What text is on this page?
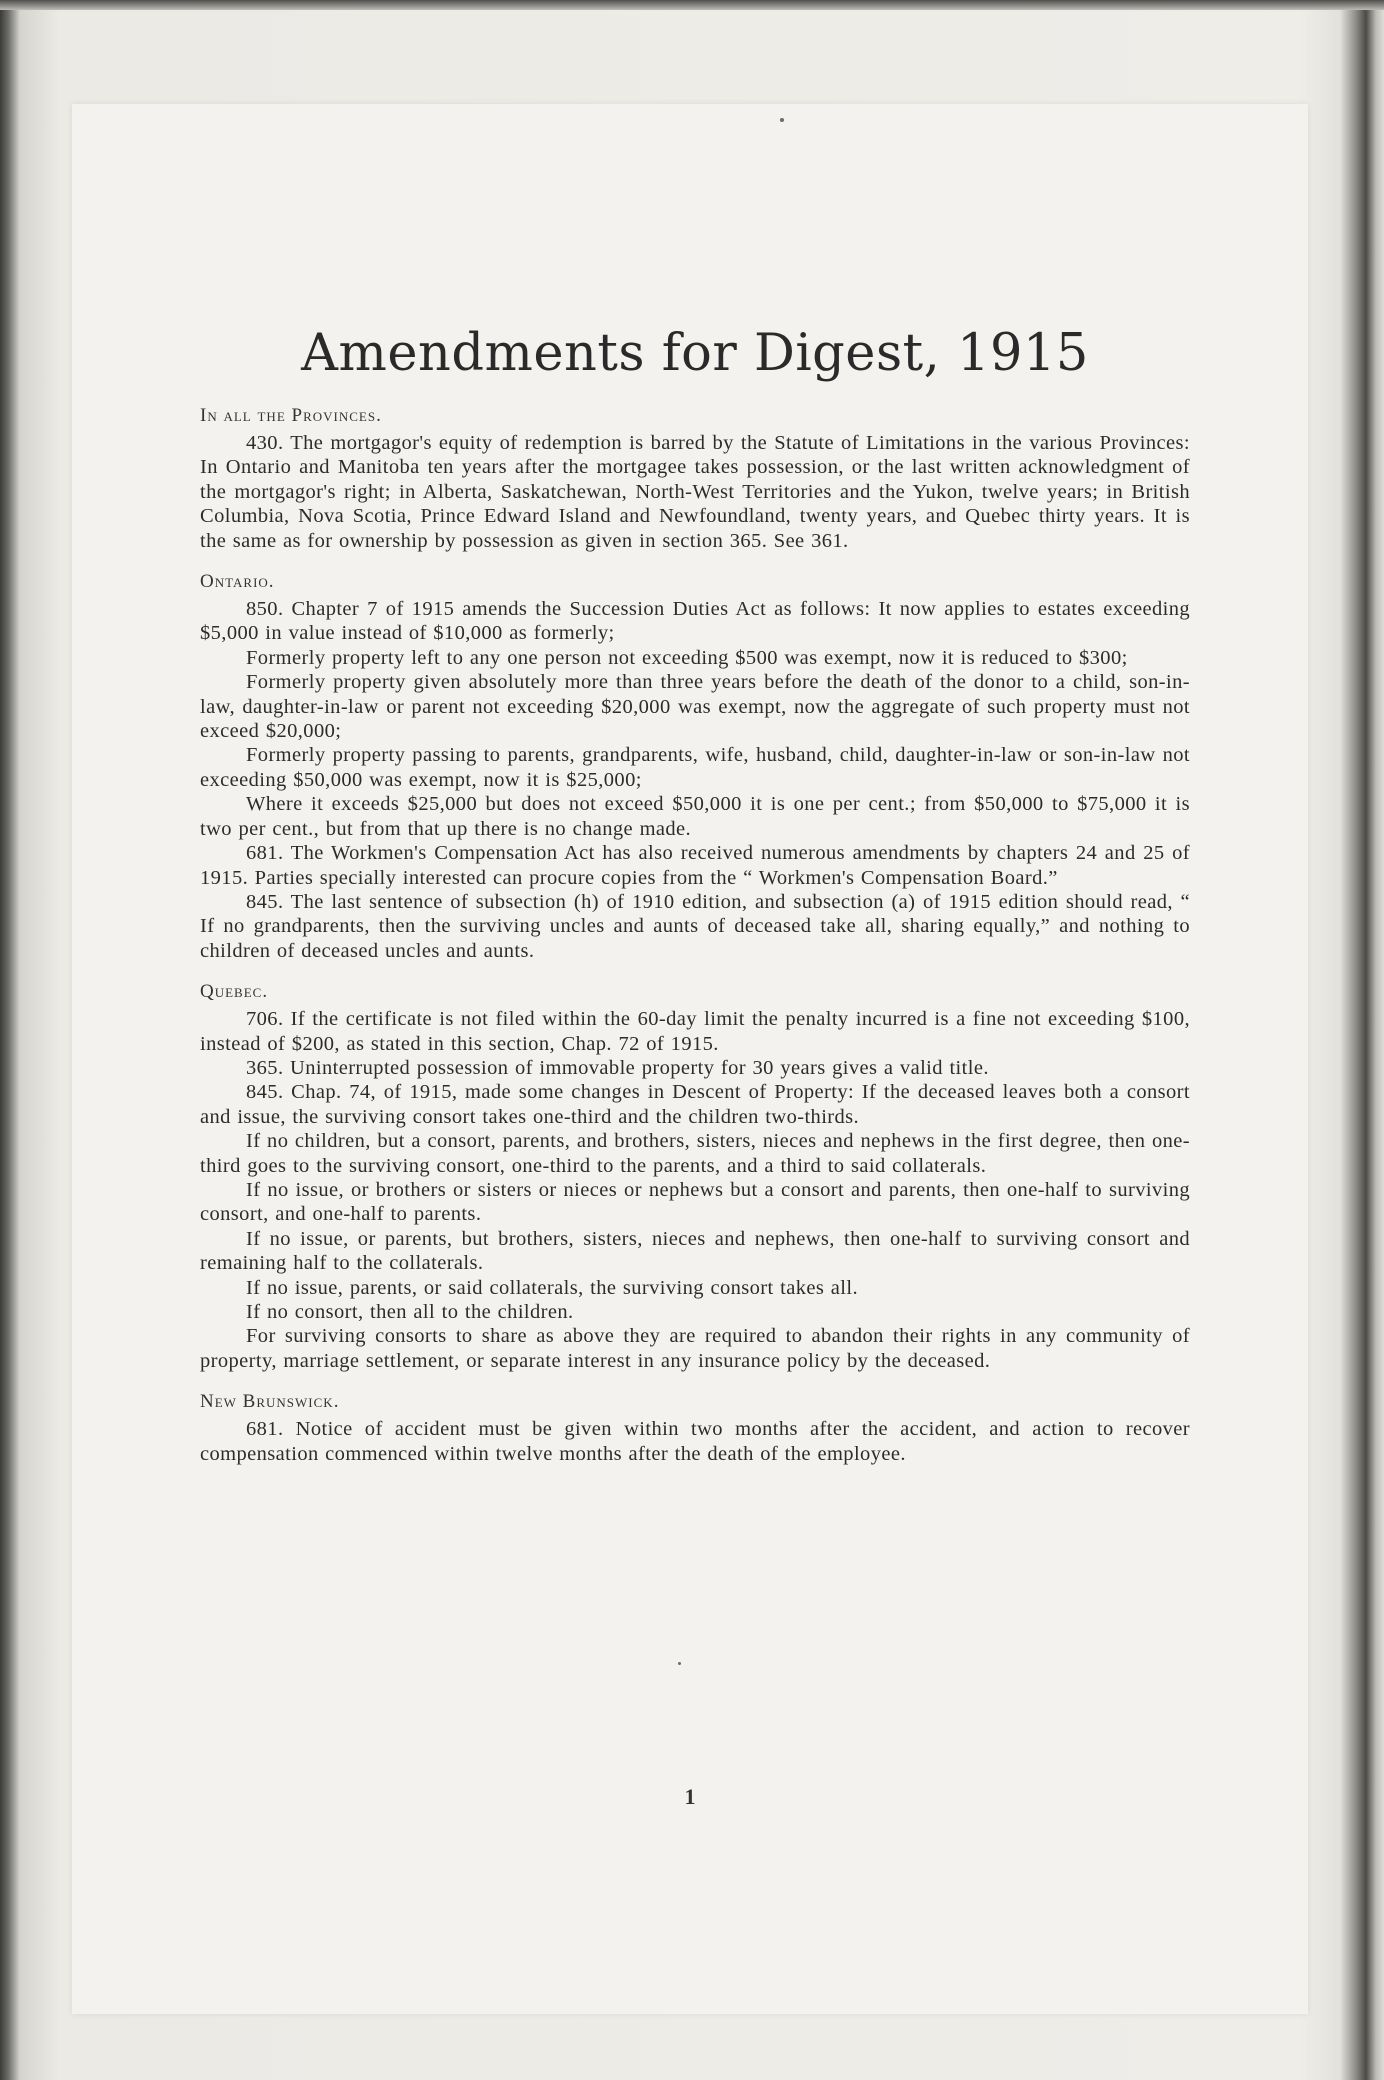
Amendments for Digest, 1915
In all the Provinces.

430. The mortgagor's equity of redemption is barred by the Statute of Limitations in the various Provinces: In Ontario and Manitoba ten years after the mortgagee takes possession, or the last written acknowledgment of the mortgagor's right; in Alberta, Saskatchewan, North-West Territories and the Yukon, twelve years; in British Columbia, Nova Scotia, Prince Edward Island and Newfoundland, twenty years, and Quebec thirty years. It is the same as for ownership by possession as given in section 365. See 361.

Ontario.

850. Chapter 7 of 1915 amends the Succession Duties Act as follows: It now applies to estates exceeding $5,000 in value instead of $10,000 as formerly;

Formerly property left to any one person not exceeding $500 was exempt, now it is reduced to $300;

Formerly property given absolutely more than three years before the death of the donor to a child, son-in-law, daughter-in-law or parent not exceeding $20,000 was exempt, now the aggregate of such property must not exceed $20,000;

Formerly property passing to parents, grandparents, wife, husband, child, daughter-in-law or son-in-law not exceeding $50,000 was exempt, now it is $25,000;

Where it exceeds $25,000 but does not exceed $50,000 it is one per cent.; from $50,000 to $75,000 it is two per cent., but from that up there is no change made.

681. The Workmen's Compensation Act has also received numerous amendments by chapters 24 and 25 of 1915. Parties specially interested can procure copies from the “ Workmen's Compensation Board.”

845. The last sentence of subsection (h) of 1910 edition, and subsection (a) of 1915 edition should read, “ If no grandparents, then the surviving uncles and aunts of deceased take all, sharing equally,” and nothing to children of deceased uncles and aunts.

Quebec.

706. If the certificate is not filed within the 60-day limit the penalty incurred is a fine not exceeding $100, instead of $200, as stated in this section, Chap. 72 of 1915.

365. Uninterrupted possession of immovable property for 30 years gives a valid title.

845. Chap. 74, of 1915, made some changes in Descent of Property: If the deceased leaves both a consort and issue, the surviving consort takes one-third and the children two-thirds.

If no children, but a consort, parents, and brothers, sisters, nieces and nephews in the first degree, then one-third goes to the surviving consort, one-third to the parents, and a third to said collaterals.

If no issue, or brothers or sisters or nieces or nephews but a consort and parents, then one-half to surviving consort, and one-half to parents.

If no issue, or parents, but brothers, sisters, nieces and nephews, then one-half to surviving consort and remaining half to the collaterals.

If no issue, parents, or said collaterals, the surviving consort takes all.

If no consort, then all to the children.

For surviving consorts to share as above they are required to abandon their rights in any community of property, marriage settlement, or separate interest in any insurance policy by the deceased.

New Brunswick.

681. Notice of accident must be given within two months after the accident, and action to recover compensation commenced within twelve months after the death of the employee.

1
